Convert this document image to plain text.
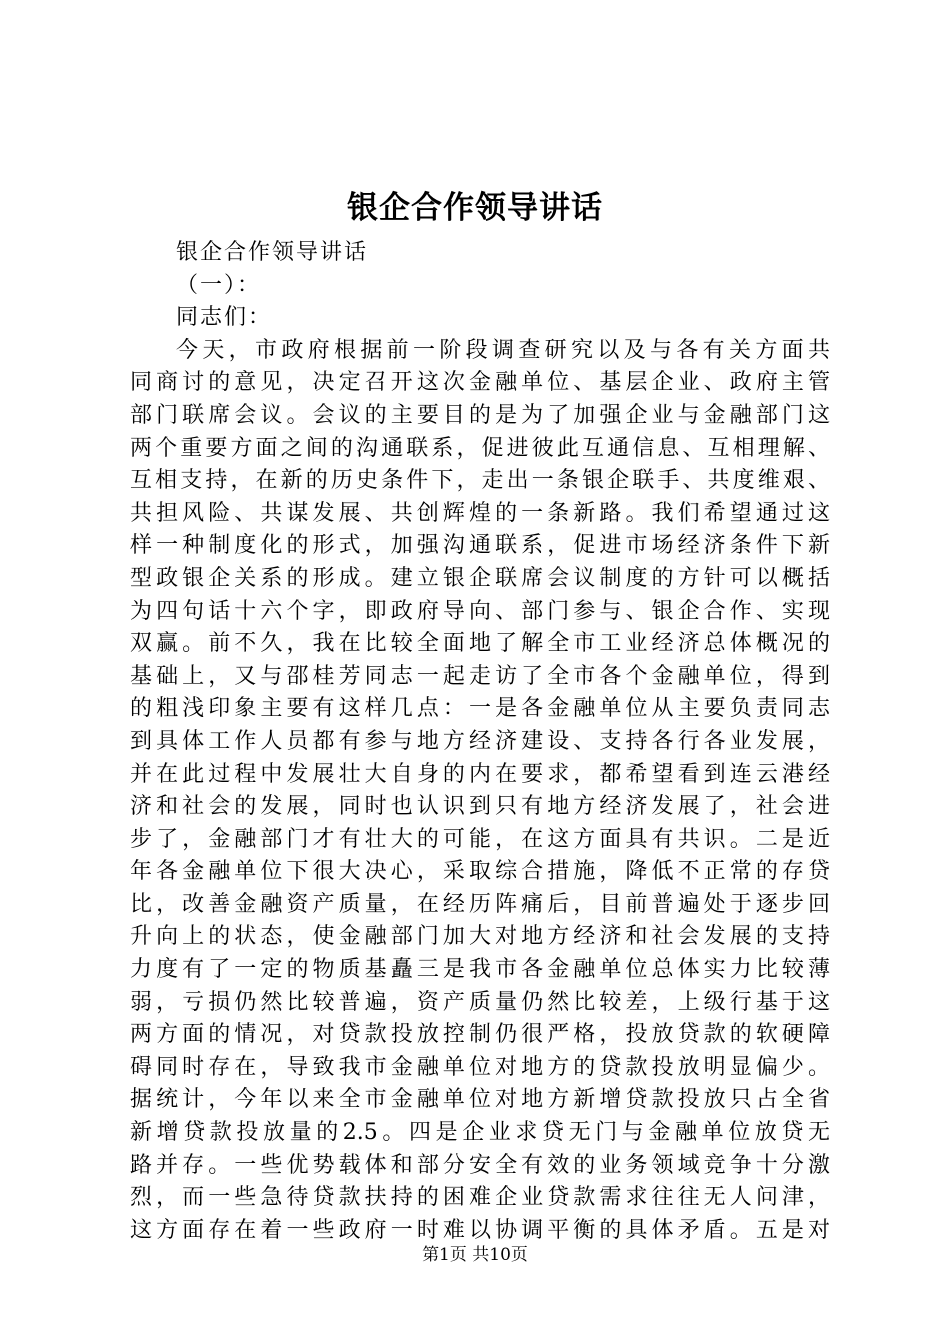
银企合作领导讲话
银企合作领导讲话
（一）：
同志们：
今天，市政府根据前一阶段调查研究以及与各有关方面共
同商讨的意见，决定召开这次金融单位、基层企业、政府主管
部门联席会议。会议的主要目的是为了加强企业与金融部门这
两个重要方面之间的沟通联系，促进彼此互通信息、互相理解、
互相支持，在新的历史条件下，走出一条银企联手、共度维艰、
共担风险、共谋发展、共创辉煌的一条新路。我们希望通过这
样一种制度化的形式，加强沟通联系，促进市场经济条件下新
型政银企关系的形成。建立银企联席会议制度的方针可以概括
为四句话十六个字，即政府导向、部门参与、银企合作、实现
双赢。前不久，我在比较全面地了解全市工业经济总体概况的
基础上，又与邵桂芳同志一起走访了全市各个金融单位，得到
的粗浅印象主要有这样几点：一是各金融单位从主要负责同志
到具体工作人员都有参与地方经济建设、支持各行各业发展，
并在此过程中发展壮大自身的内在要求，都希望看到连云港经
济和社会的发展，同时也认识到只有地方经济发展了，社会进
步了，金融部门才有壮大的可能，在这方面具有共识。二是近
年各金融单位下很大决心，采取综合措施，降低不正常的存贷
比，改善金融资产质量，在经历阵痛后，目前普遍处于逐步回
升向上的状态，使金融部门加大对地方经济和社会发展的支持
力度有了一定的物质基矗三是我市各金融单位总体实力比较薄
弱，亏损仍然比较普遍，资产质量仍然比较差，上级行基于这
两方面的情况，对贷款投放控制仍很严格，投放贷款的软硬障
碍同时存在，导致我市金融单位对地方的贷款投放明显偏少。
据统计，今年以来全市金融单位对地方新增贷款投放只占全省
新增贷款投放量的2.5。四是企业求贷无门与金融单位放贷无
路并存。一些优势载体和部分安全有效的业务领域竞争十分激
烈，而一些急待贷款扶持的困难企业贷款需求往往无人问津，
这方面存在着一些政府一时难以协调平衡的具体矛盾。五是对
第1页 共10页
